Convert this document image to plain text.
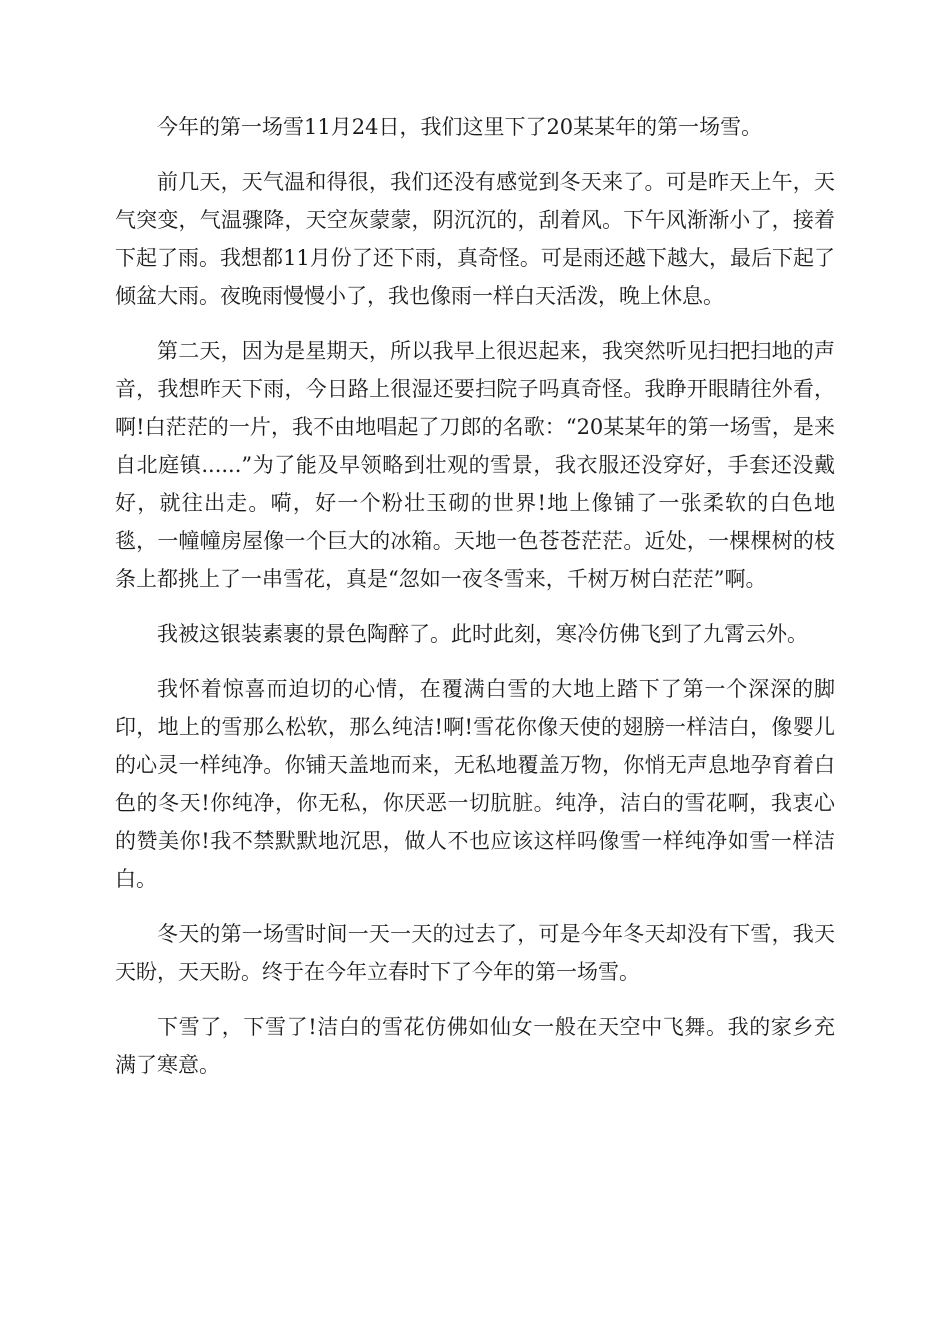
今年的第一场雪11月24日，我们这里下了20某某年的第一场雪。

前几天，天气温和得很，我们还没有感觉到冬天来了。可是昨天上午，天气突变，气温骤降，天空灰蒙蒙，阴沉沉的，刮着风。下午风渐渐小了，接着下起了雨。我想都11月份了还下雨，真奇怪。可是雨还越下越大，最后下起了倾盆大雨。夜晚雨慢慢小了，我也像雨一样白天活泼，晚上休息。

第二天，因为是星期天，所以我早上很迟起来，我突然听见扫把扫地的声音，我想昨天下雨，今日路上很湿还要扫院子吗真奇怪。我睁开眼睛往外看，啊!白茫茫的一片，我不由地唱起了刀郎的名歌：“20某某年的第一场雪，是来自北庭镇......”为了能及早领略到壮观的雪景，我衣服还没穿好，手套还没戴好，就往出走。嗬，好一个粉壮玉砌的世界!地上像铺了一张柔软的白色地毯，一幢幢房屋像一个巨大的冰箱。天地一色苍苍茫茫。近处，一棵棵树的枝条上都挑上了一串雪花，真是“忽如一夜冬雪来，千树万树白茫茫”啊。

我被这银装素裹的景色陶醉了。此时此刻，寒冷仿佛飞到了九霄云外。

我怀着惊喜而迫切的心情，在覆满白雪的大地上踏下了第一个深深的脚印，地上的雪那么松软，那么纯洁!啊!雪花你像天使的翅膀一样洁白，像婴儿的心灵一样纯净。你铺天盖地而来，无私地覆盖万物，你悄无声息地孕育着白色的冬天!你纯净，你无私，你厌恶一切肮脏。纯净，洁白的雪花啊，我衷心的赞美你!我不禁默默地沉思，做人不也应该这样吗像雪一样纯净如雪一样洁白。

冬天的第一场雪时间一天一天的过去了，可是今年冬天却没有下雪，我天天盼，天天盼。终于在今年立春时下了今年的第一场雪。

下雪了，下雪了!洁白的雪花仿佛如仙女一般在天空中飞舞。我的家乡充满了寒意。
